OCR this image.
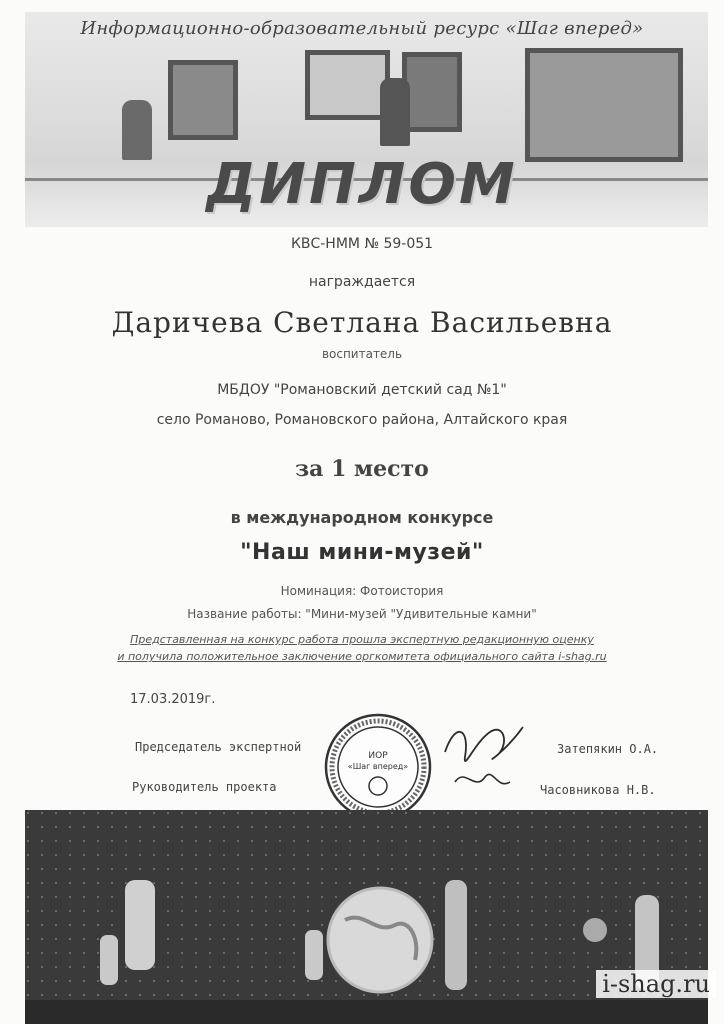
Информационно-образовательный ресурс «Шаг вперед»
ДИПЛОМ
КВС-НММ № 59-051
награждается
Даричева Светлана Васильевна
воспитатель
МБДОУ "Романовский детский сад №1"
село Романово, Романовского района, Алтайского края
за 1 место
в международном конкурсе
"Наш мини-музей"
Номинация: Фотоистория
Название работы: "Мини-музей "Удивительные камни"
Представленная на конкурс работа прошла экспертную редакционную оценку
и получила положительное заключение оргкомитета официального сайта i-shag.ru
17.03.2019г.
Председатель экспертной	Затепякин О.А.
Руководитель проекта	Часовникова Н.В.
ИОР
«Шаг вперед»
i-shag.ru
